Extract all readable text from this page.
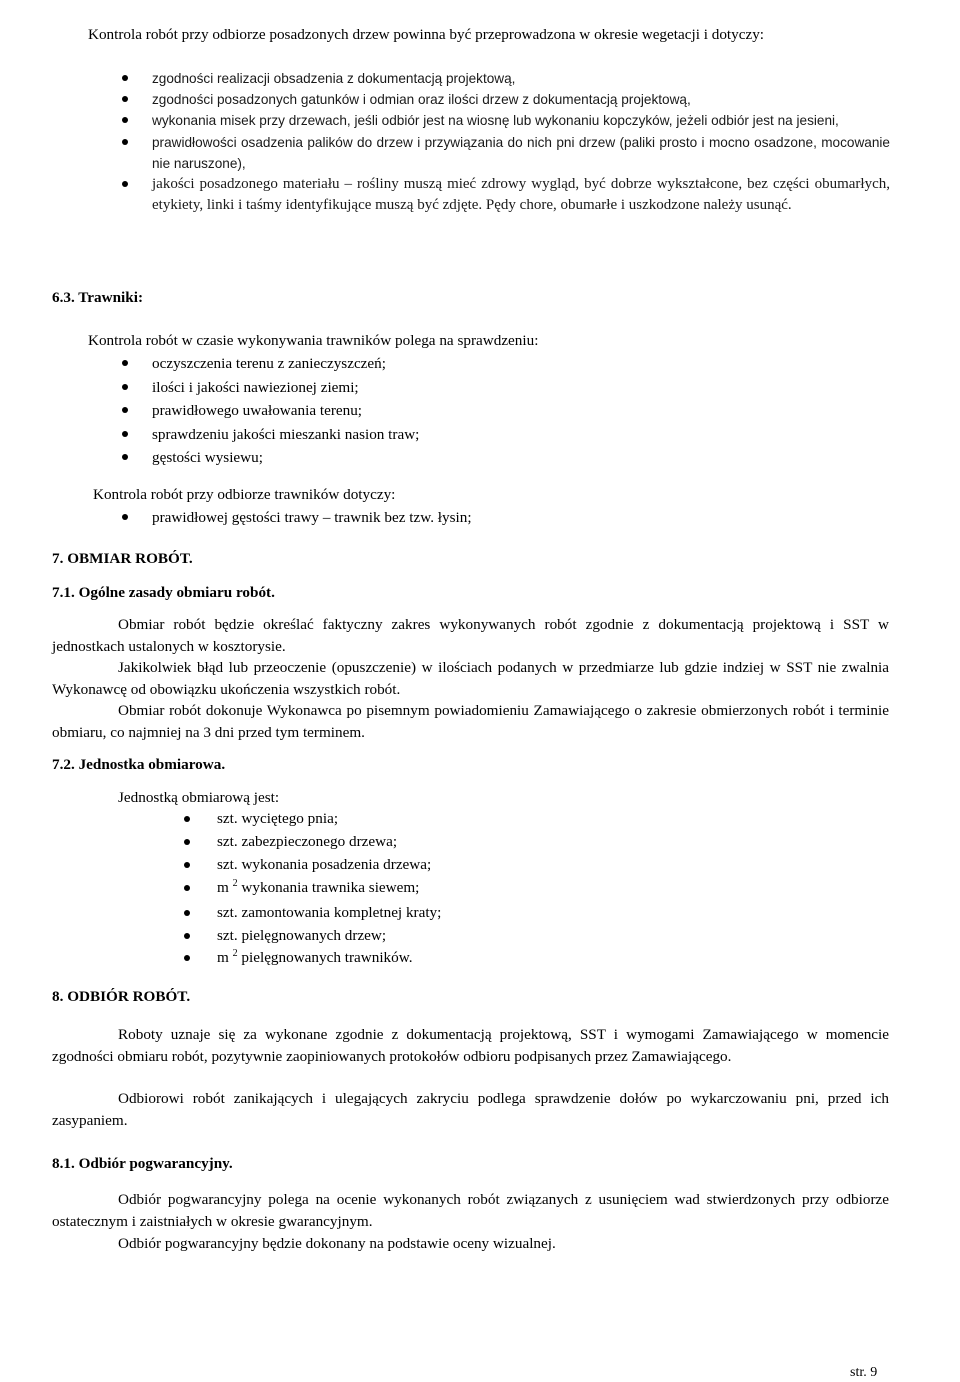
Kontrola robót przy odbiorze posadzonych drzew powinna być przeprowadzona w okresie wegetacji i dotyczy:
zgodności realizacji obsadzenia z dokumentacją projektową,
zgodności posadzonych gatunków i odmian oraz ilości drzew z dokumentacją projektową,
wykonania misek przy drzewach, jeśli odbiór jest na wiosnę lub wykonaniu kopczyków, jeżeli odbiór jest na jesieni,
prawidłowości osadzenia palików do drzew i przywiązania do nich pni drzew (paliki prosto i mocno osadzone, mocowanie nie naruszone),
jakości posadzonego materiału – rośliny muszą mieć zdrowy wygląd, być dobrze wykształcone, bez części obumarłych, etykiety, linki i taśmy identyfikujące muszą być zdjęte. Pędy chore, obumarłe i uszkodzone należy usunąć.
6.3. Trawniki:
Kontrola robót w czasie wykonywania trawników polega na sprawdzeniu:
oczyszczenia terenu z zanieczyszczeń;
ilości i jakości nawiezionej ziemi;
prawidłowego uwałowania terenu;
sprawdzeniu jakości mieszanki nasion traw;
gęstości wysiewu;
Kontrola robót przy odbiorze trawników dotyczy:
prawidłowej gęstości trawy – trawnik bez tzw. łysin;
7. OBMIAR ROBÓT.
7.1. Ogólne zasady obmiaru robót.
Obmiar robót będzie określać faktyczny zakres wykonywanych robót zgodnie z dokumentacją projektową i SST w jednostkach ustalonych w kosztorysie.
Jakikolwiek błąd lub przeoczenie (opuszczenie) w ilościach podanych w przedmiarze lub gdzie indziej w SST nie zwalnia Wykonawcę od obowiązku ukończenia wszystkich robót.
Obmiar robót dokonuje Wykonawca po pisemnym powiadomieniu Zamawiającego o zakresie obmierzonych robót i terminie obmiaru, co najmniej na 3 dni przed tym terminem.
7.2. Jednostka obmiarowa.
Jednostką obmiarową jest:
szt. wyciętego pnia;
szt. zabezpieczonego drzewa;
szt. wykonania posadzenia drzewa;
m $^2$ wykonania trawnika siewem;
szt. zamontowania kompletnej kraty;
szt. pielęgnowanych drzew;
m $^2$ pielęgnowanych trawników.
8. ODBIÓR ROBÓT.
Roboty uznaje się za wykonane zgodnie z dokumentacją projektową, SST i wymogami Zamawiającego w momencie zgodności obmiaru robót, pozytywnie zaopiniowanych protokołów odbioru podpisanych przez Zamawiającego.
Odbiorowi robót zanikających i ulegających zakryciu podlega sprawdzenie dołów po wykarczowaniu pni, przed ich zasypaniem.
8.1. Odbiór pogwarancyjny.
Odbiór pogwarancyjny polega na ocenie wykonanych robót związanych z usunięciem wad stwierdzonych przy odbiorze ostatecznym i zaistniałych w okresie gwarancyjnym.
Odbiór pogwarancyjny będzie dokonany na podstawie oceny wizualnej.
str. 9
